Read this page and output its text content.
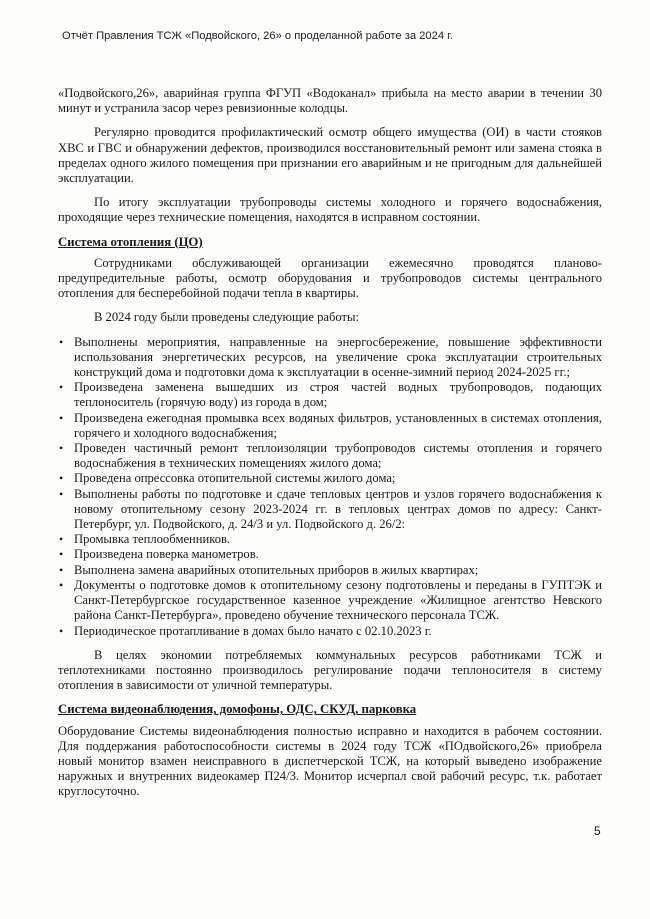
Отчёт Правления ТСЖ «Подвойского, 26» о проделанной работе за 2024 г.

«Подвойского,26», аварийная группа ФГУП «Водоканал» прибыла на место аварии в течении 30 минут и устранила засор через ревизионные колодцы.

Регулярно проводится профилактический осмотр общего имущества (ОИ) в части стояков ХВС и ГВС и обнаружении дефектов, производился восстановительный ремонт или замена стояка в пределах одного жилого помещения при признании его аварийным и не пригодным для дальнейшей эксплуатации.

По итогу эксплуатации трубопроводы системы холодного и горячего водоснабжения, проходящие через технические помещения, находятся в исправном состоянии.

Система отопления (ЦО)

Сотрудниками обслуживающей организации ежемесячно проводятся планово-предупредительные работы, осмотр оборудования и трубопроводов системы центрального отопления для бесперебойной подачи тепла в квартиры.

В 2024 году были проведены следующие работы:

• Выполнены мероприятия, направленные на энергосбережение, повышение эффективности использования энергетических ресурсов, на увеличение срока эксплуатации строительных конструкций дома и подготовки дома к эксплуатации в осенне-зимний период 2024-2025 гг.;
• Произведена заменена вышедших из строя частей водных трубопроводов, подающих теплоноситель (горячую воду) из города в дом;
• Произведена ежегодная промывка всех водяных фильтров, установленных в системах отопления, горячего и холодного водоснабжения;
• Проведен частичный ремонт теплоизоляции трубопроводов системы отопления и горячего водоснабжения в технических помещениях жилого дома;
• Проведена опрессовка отопительной системы жилого дома;
• Выполнены работы по подготовке и сдаче тепловых центров и узлов горячего водоснабжения к новому отопительному сезону 2023-2024 гг. в тепловых центрах домов по адресу: Санкт-Петербург, ул. Подвойского, д. 24/3 и ул. Подвойского д. 26/2:
• Промывка теплообменников.
• Произведена поверка манометров.
• Выполнена замена аварийных отопительных приборов в жилых квартирах;
• Документы о подготовке домов к отопительному сезону подготовлены и переданы в ГУПТЭК и Санкт-Петербургское государственное казенное учреждение «Жилищное агентство Невского района Санкт-Петербурга», проведено обучение технического персонала ТСЖ.
• Периодическое протапливание в домах было начато с 02.10.2023 г.

В целях экономии потребляемых коммунальных ресурсов работниками ТСЖ и теплотехниками постоянно производилось регулирование подачи теплоносителя в систему отопления в зависимости от уличной температуры.

Система видеонаблюдения, домофоны, ОДС, СКУД, парковка

Оборудование Системы видеонаблюдения полностью исправно и находится в рабочем состоянии. Для поддержания работоспособности системы в 2024 году ТСЖ «ПОдвойского,26» приобрела новый монитор взамен неисправного в диспетчерской ТСЖ, на который выведено изображение наружных и внутренних видеокамер П24/3. Монитор исчерпал свой рабочий ресурс, т.к. работает круглосуточно.

5
